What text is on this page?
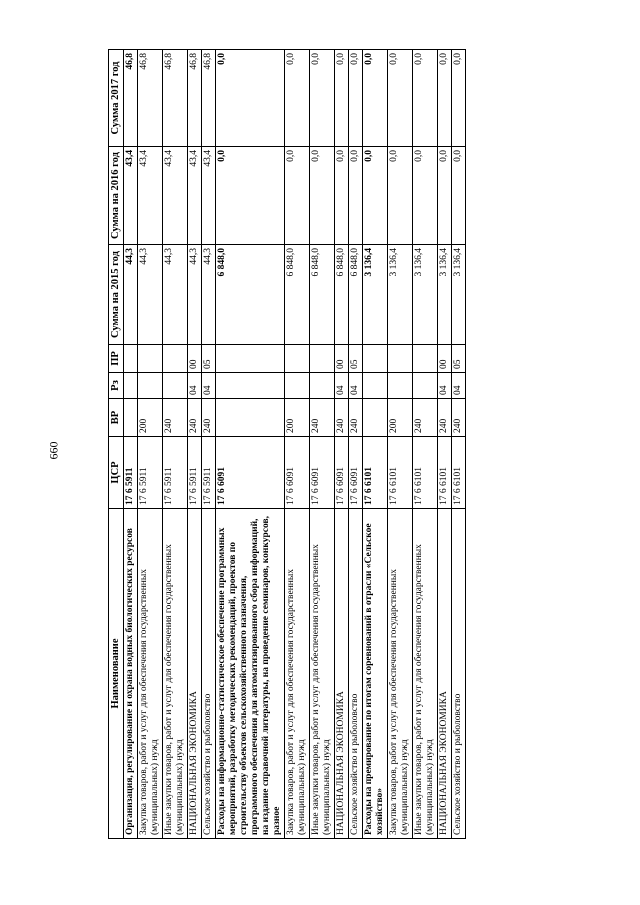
660
Наименование	ЦСР	ВР	Рз	ПР	Сумма на 2015 год	Сумма на 2016 год	Сумма 2017 год
Организация, регулирование и охрана водных биологических ресурсов	17 6 5911				44,3	43,4	46,8
Закупка товаров, работ и услуг для обеспечения государственных (муниципальных) нужд	17 6 5911	200			44,3	43,4	46,8
Иные закупки товаров, работ и услуг для обеспечения государственных (муниципальных) нужд	17 6 5911	240			44,3	43,4	46,8
НАЦИОНАЛЬНАЯ ЭКОНОМИКА	17 6 5911	240	04	00	44,3	43,4	46,8
Сельское хозяйство и рыболовство	17 6 5911	240	04	05	44,3	43,4	46,8
Расходы на информационно-статистическое обеспечение программных мероприятий, разработку методических рекомендаций, проектов по строительству объектов сельскохозяйственного назначения, программного обеспечения для автоматизированного сбора информаций, на издание справочной литературы, на проведение семинаров, конкурсов, разное	17 6 6091				6 848,0	0,0	0,0
Закупка товаров, работ и услуг для обеспечения государственных (муниципальных) нужд	17 6 6091	200			6 848,0	0,0	0,0
Иные закупки товаров, работ и услуг для обеспечения государственных (муниципальных) нужд	17 6 6091	240			6 848,0	0,0	0,0
НАЦИОНАЛЬНАЯ ЭКОНОМИКА	17 6 6091	240	04	00	6 848,0	0,0	0,0
Сельское хозяйство и рыболовство	17 6 6091	240	04	05	6 848,0	0,0	0,0
Расходы на премирование по итогам соревнований в отрасли «Сельское хозяйство»	17 6 6101				3 136,4	0,0	0,0
Закупка товаров, работ и услуг для обеспечения государственных (муниципальных) нужд	17 6 6101	200			3 136,4	0,0	0,0
Иные закупки товаров, работ и услуг для обеспечения государственных (муниципальных) нужд	17 6 6101	240			3 136,4	0,0	0,0
НАЦИОНАЛЬНАЯ ЭКОНОМИКА	17 6 6101	240	04	00	3 136,4	0,0	0,0
Сельское хозяйство и рыболовство	17 6 6101	240	04	05	3 136,4	0,0	0,0
